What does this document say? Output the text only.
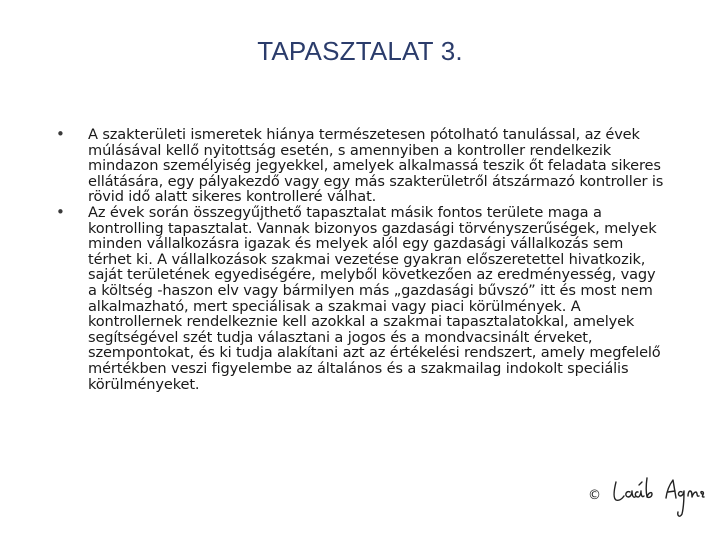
TAPASZTALAT 3.
•	A szakterületi ismeretek hiánya természetesen pótolható tanulással, az évek múlásával kellő nyitottság esetén, s amennyiben a kontroller rendelkezik mindazon személyiség jegyekkel, amelyek alkalmassá teszik őt feladata sikeres ellátására, egy pályakezdő vagy egy más szakterületről átszármazó kontroller is rövid idő alatt sikeres kontrolleré válhat.
•	Az évek során összegyűjthető tapasztalat másik fontos területe maga a kontrolling tapasztalat. Vannak bizonyos gazdasági törvényszerűségek, melyek minden vállalkozásra igazak és melyek alól egy gazdasági vállalkozás sem térhet ki. A vállalkozások szakmai vezetése gyakran előszeretettel hivatkozik, saját területének egyediségére, melyből következően az eredményesség, vagy a költség -haszon elv vagy bármilyen más „gazdasági bűvszó” itt és most nem alkalmazható, mert speciálisak a szakmai vagy piaci körülmények. A kontrollernek rendelkeznie kell azokkal a szakmai tapasztalatokkal, amelyek segítségével szét tudja választani a jogos és a mondvacsinált érveket, szempontokat, és ki tudja alakítani azt az értékelési rendszert, amely megfelelő mértékben veszi figyelembe az általános és a szakmailag indokolt speciális körülményeket.
©
